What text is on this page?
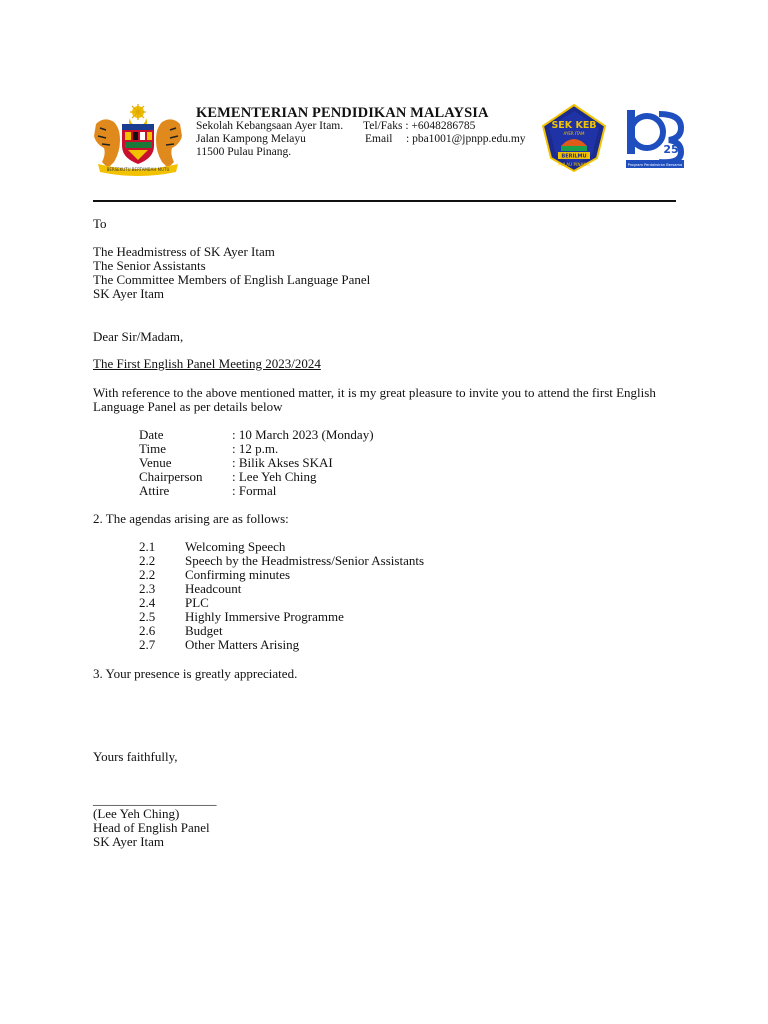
BERSEKUTU BERTAMBAH MUTU
KEMENTERIAN PENDIDIKAN MALAYSIA
Sekolah Kebangsaan Ayer Itam.
Jalan Kampong Melayu
11500 Pulau Pinang.
Tel/Faks : +6048286785
Email : pba1001@jpnpp.edu.my
SEK KEB
AYER ITAM
BERILMU
PULAU PINANG
25
Program Pentaksiran Bersama
To
The Headmistress of SK Ayer Itam
The Senior Assistants
The Committee Members of English Language Panel
SK Ayer Itam
Dear Sir/Madam,
The First English Panel Meeting 2023/2024
With reference to the above mentioned matter, it is my great pleasure to invite you to attend the first English
Language Panel as per details below
Date	: 10 March 2023 (Monday)
Time	: 12 p.m.
Venue	: Bilik Akses SKAI
Chairperson : Lee Yeh Ching
Attire	: Formal
2. The agendas arising are as follows:
2.1 Welcoming Speech
2.2 Speech by the Headmistress/Senior Assistants
2.2 Confirming minutes
2.3 Headcount
2.4 PLC
2.5 Highly Immersive Programme
2.6 Budget
2.7 Other Matters Arising
3. Your presence is greatly appreciated.
Yours faithfully,
___________________
(Lee Yeh Ching)
Head of English Panel
SK Ayer Itam
